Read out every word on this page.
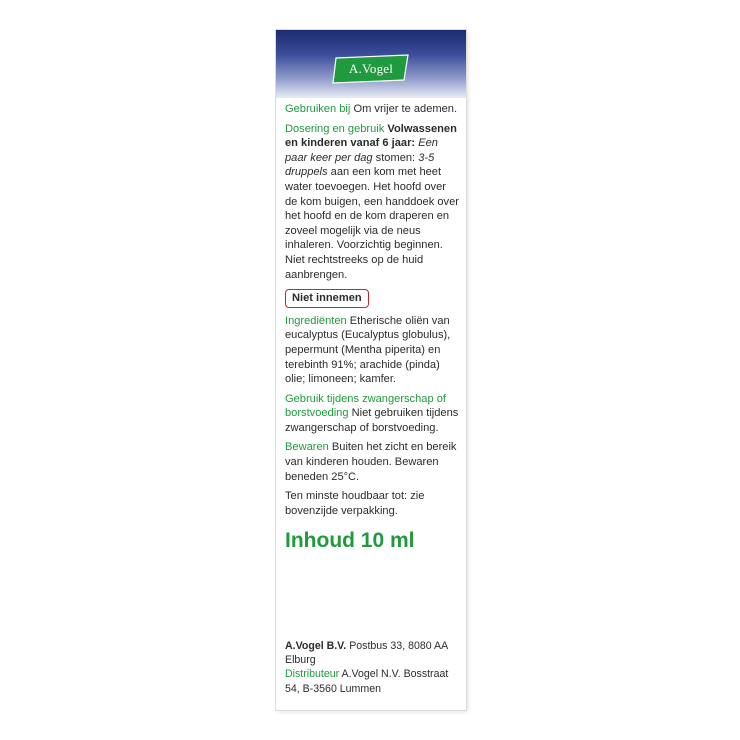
A.Vogel

Gebruiken bij Om vrijer te ademen.

Dosering en gebruik Volwassenen en kinderen vanaf 6 jaar: Een paar keer per dag stomen: 3-5 druppels aan een kom met heet water toevoegen. Het hoofd over de kom buigen, een handdoek over het hoofd en de kom draperen en zoveel mogelijk via de neus inhaleren. Voorzichtig beginnen. Niet rechtstreeks op de huid aanbrengen.

Niet innemen

Ingrediënten Etherische oliën van eucalyptus (Eucalyptus globulus), pepermunt (Mentha piperita) en terebinth 91%; arachide (pinda) olie; limoneen; kamfer.

Gebruik tijdens zwangerschap of borstvoeding Niet gebruiken tijdens zwangerschap of borstvoeding.

Bewaren Buiten het zicht en bereik van kinderen houden. Bewaren beneden 25°C.

Ten minste houdbaar tot: zie bovenzijde verpakking.

Inhoud 10 ml
A.Vogel B.V. Postbus 33, 8080 AA Elburg
Distributeur A.Vogel N.V. Bosstraat 54, B-3560 Lummen
